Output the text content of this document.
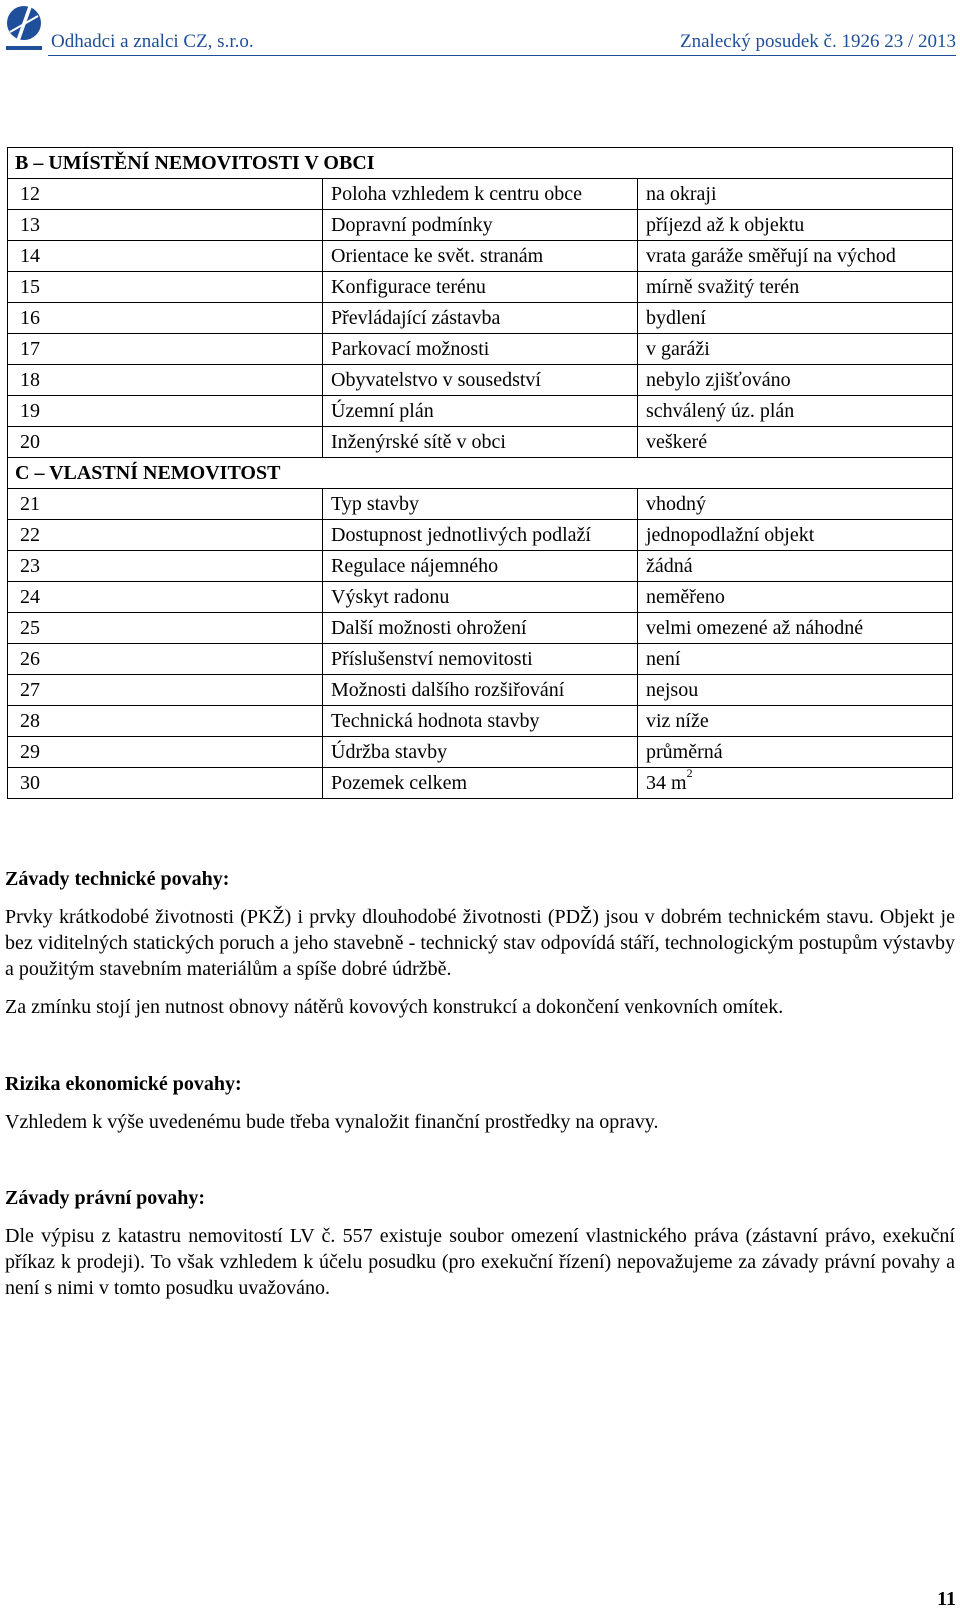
Odhadci a znalci CZ, s.r.o.	Znalecký posudek č. 1926 23 / 2013
B – UMÍSTĚNÍ NEMOVITOSTI V OBCI		
12	Poloha vzhledem k centru obce	na okraji
13	Dopravní podmínky	příjezd až k objektu
14	Orientace ke svět. stranám	vrata garáže směřují na východ
15	Konfigurace terénu	mírně svažitý terén
16	Převládající zástavba	bydlení
17	Parkovací možnosti	v garáži
18	Obyvatelstvo v sousedství	nebylo zjišťováno
19	Územní plán	schválený úz. plán
20	Inženýrské sítě v obci	veškeré
C – VLASTNÍ NEMOVITOST		
21	Typ stavby	vhodný
22	Dostupnost jednotlivých podlaží	jednopodlažní objekt
23	Regulace nájemného	žádná
24	Výskyt radonu	neměřeno
25	Další možnosti ohrožení	velmi omezené až náhodné
26	Příslušenství nemovitosti	není
27	Možnosti dalšího rozšiřování	nejsou
28	Technická hodnota stavby	viz níže
29	Údržba stavby	průměrná
30	Pozemek celkem	34 $m^2$
Závady technické povahy:
Prvky krátkodobé životnosti (PKŽ) i prvky dlouhodobé životnosti (PDŽ) jsou v dobrém technickém stavu. Objekt je bez viditelných statických poruch a jeho stavebně - technický stav odpovídá stáří, technologickým postupům výstavby a použitým stavebním materiálům a spíše dobré údržbě.
Za zmínku stojí jen nutnost obnovy nátěrů kovových konstrukcí a dokončení venkovních omítek.
Rizika ekonomické povahy:
Vzhledem k výše uvedenému bude třeba vynaložit finanční prostředky na opravy.
Závady právní povahy:
Dle výpisu z katastru nemovitostí LV č. 557 existuje soubor omezení vlastnického práva (zástavní právo, exekuční příkaz k prodeji). To však vzhledem k účelu posudku (pro exekuční řízení) nepovažujeme za závady právní povahy a není s nimi v tomto posudku uvažováno.
11
